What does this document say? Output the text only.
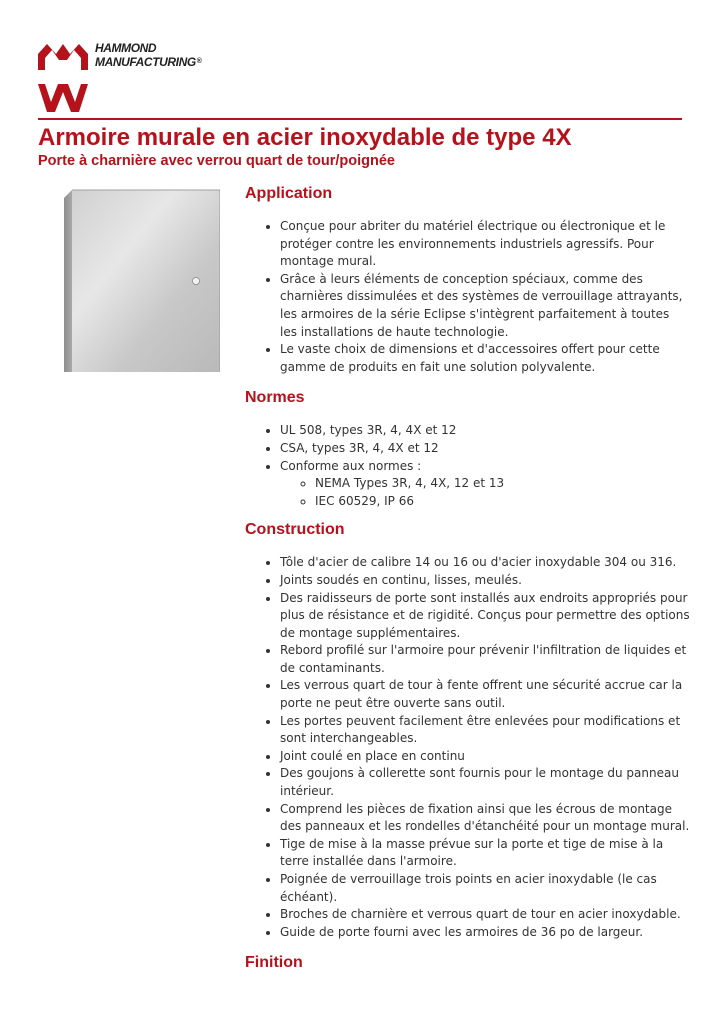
HAMMOND
MANUFACTURING®
Armoire murale en acier inoxydable de type 4X
Porte à charnière avec verrou quart de tour/poignée
Application
• Conçue pour abriter du matériel électrique ou électronique et le protéger contre les environnements industriels agressifs. Pour montage mural.
• Grâce à leurs éléments de conception spéciaux, comme des charnières dissimulées et des systèmes de verrouillage attrayants, les armoires de la série Eclipse s'intègrent parfaitement à toutes les installations de haute technologie.
• Le vaste choix de dimensions et d'accessoires offert pour cette gamme de produits en fait une solution polyvalente.
Normes
• UL 508, types 3R, 4, 4X et 12
• CSA, types 3R, 4, 4X et 12
• Conforme aux normes :
◦ NEMA Types 3R, 4, 4X, 12 et 13
◦ IEC 60529, IP 66
Construction
• Tôle d'acier de calibre 14 ou 16 ou d'acier inoxydable 304 ou 316.
• Joints soudés en continu, lisses, meulés.
• Des raidisseurs de porte sont installés aux endroits appropriés pour plus de résistance et de rigidité. Conçus pour permettre des options de montage supplémentaires.
• Rebord profilé sur l'armoire pour prévenir l'infiltration de liquides et de contaminants.
• Les verrous quart de tour à fente offrent une sécurité accrue car la porte ne peut être ouverte sans outil.
• Les portes peuvent facilement être enlevées pour modifications et sont interchangeables.
• Joint coulé en place en continu
• Des goujons à collerette sont fournis pour le montage du panneau intérieur.
• Comprend les pièces de fixation ainsi que les écrous de montage des panneaux et les rondelles d'étanchéité pour un montage mural.
• Tige de mise à la masse prévue sur la porte et tige de mise à la terre installée dans l'armoire.
• Poignée de verrouillage trois points en acier inoxydable (le cas échéant).
• Broches de charnière et verrous quart de tour en acier inoxydable.
• Guide de porte fourni avec les armoires de 36 po de largeur.
Finition
